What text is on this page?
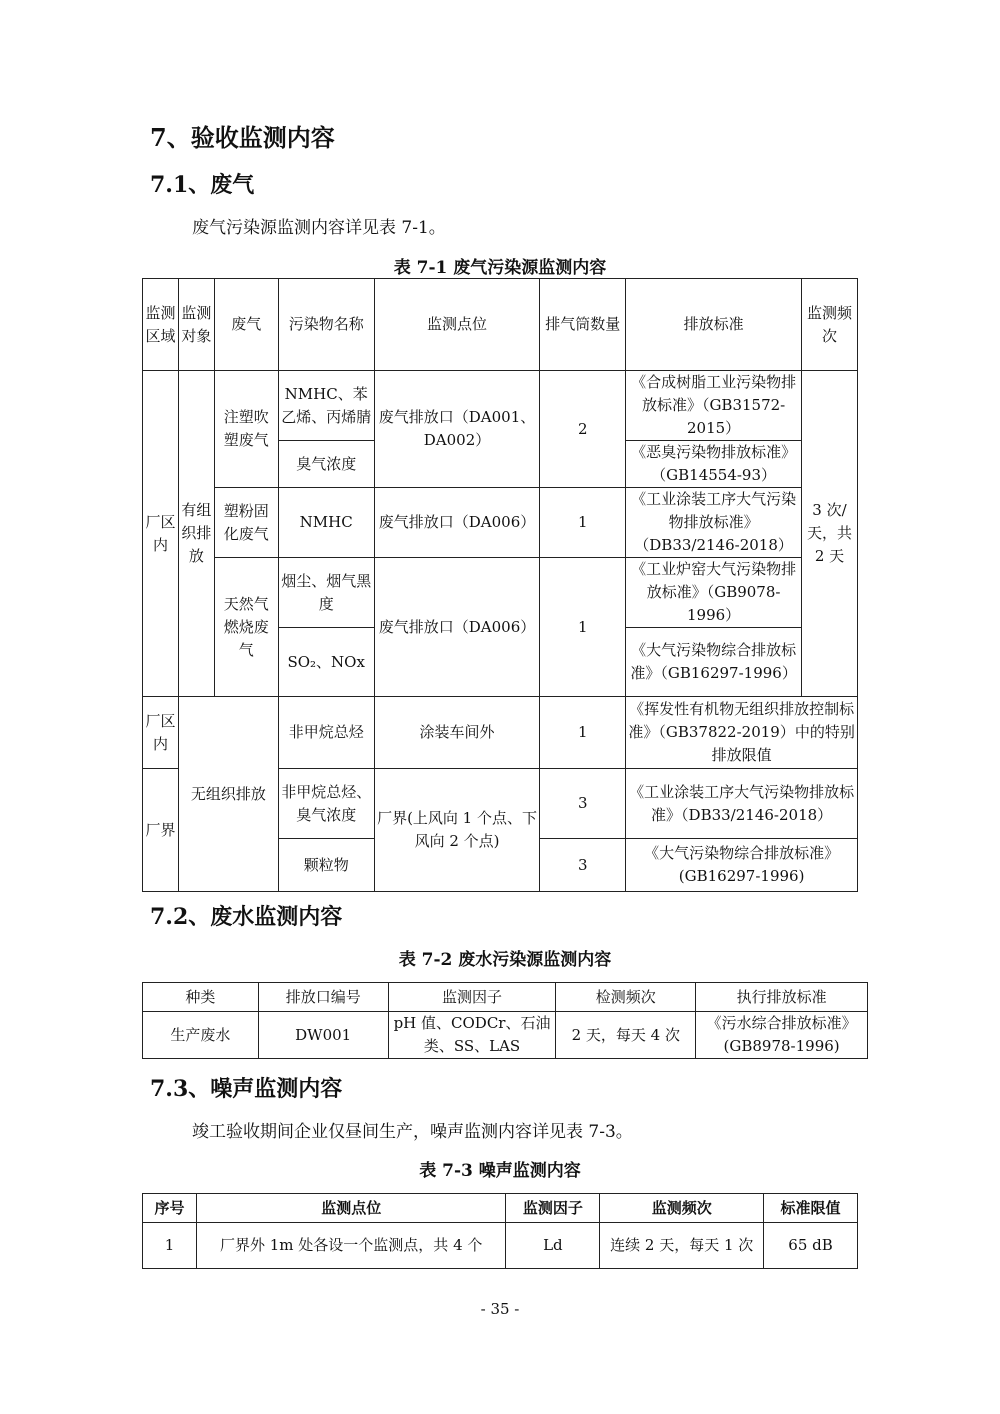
7、验收监测内容
7.1、废气
废气污染源监测内容详见表 7-1。
表 7-1 废气污染源监测内容
监测区域	监测对象	废气	污染物名称	监测点位	排气筒数量	排放标准	监测频次
厂区内	有组织排放	注塑吹塑废气	NMHC、苯乙烯、丙烯腈	废气排放口（DA001、DA002）	2	《合成树脂工业污染物排放标准》（GB31572-2015）	3 次/天，共 2 天
			臭气浓度			《恶臭污染物排放标准》（GB14554-93）	
		塑粉固化废气	NMHC	废气排放口（DA006）	1	《工业涂装工序大气污染物排放标准》（DB33/2146-2018）	
		天然气燃烧废气	烟尘、烟气黑度	废气排放口（DA006）	1	《工业炉窑大气污染物排放标准》（GB9078-1996）	
			SO₂、NOx			《大气污染物综合排放标准》（GB16297-1996）	

厂区内	无组织排放		非甲烷总烃	涂装车间外	1	《挥发性有机物无组织排放控制标准》（GB37822-2019）中的特别排放限值	
厂界			非甲烷总烃、臭气浓度	厂界(上风向 1 个点、下风向 2 个点)	3	《工业涂装工序大气污染物排放标准》（DB33/2146-2018）	
			颗粒物		3	《大气污染物综合排放标准》(GB16297-1996)	
7.2、废水监测内容
表 7-2 废水污染源监测内容
种类	排放口编号	监测因子	检测频次	执行排放标准
生产废水	DW001	pH 值、CODCr、石油类、SS、LAS	2 天，每天 4 次	《污水综合排放标准》(GB8978-1996)
7.3、噪声监测内容
竣工验收期间企业仅昼间生产，噪声监测内容详见表 7-3。
表 7-3 噪声监测内容
序号	监测点位	监测因子	监测频次	标准限值
1	厂界外 1m 处各设一个监测点，共 4 个	Ld	连续 2 天，每天 1 次	65 dB
- 35 -
